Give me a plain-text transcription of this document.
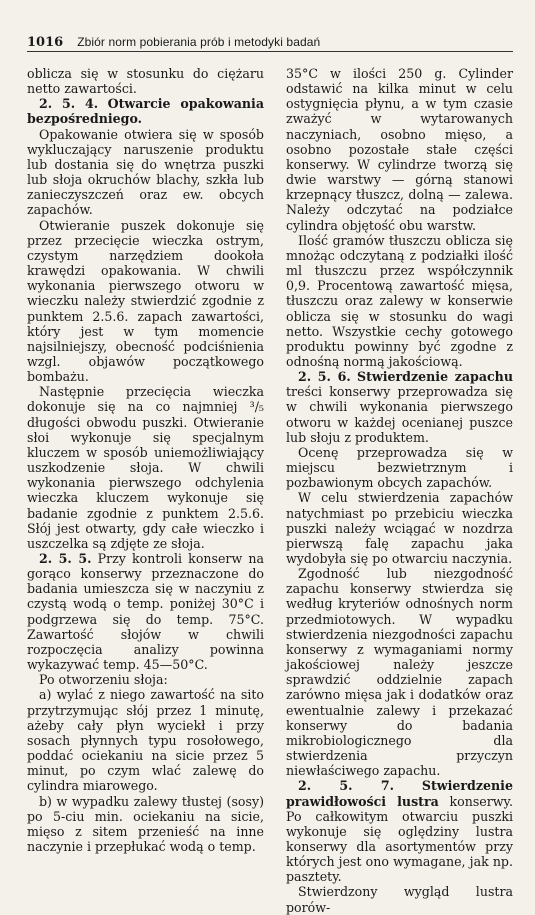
1016 Zbiór norm pobierania prób i metodyki badań

oblicza się w stosunku do ciężaru netto zawartości.

2. 5. 4. Otwarcie opakowania bezpośredniego.

Opakowanie otwiera się w sposób wykluczający naruszenie produktu lub dostania się do wnętrza puszki lub słoja okruchów blachy, szkła lub zanieczyszczeń oraz ew. obcych zapachów.

Otwieranie puszek dokonuje się przez przecięcie wieczka ostrym, czystym narzędziem dookoła krawędzi opakowania. W chwili wykonania pierwszego otworu w wieczku należy stwierdzić zgodnie z punktem 2.5.6. zapach zawartości, który jest w tym momencie najsilniejszy, obecność podciśnienia wzgl. objawów początkowego bombażu.

Następnie przecięcia wieczka dokonuje się na co najmniej ³/₅ długości obwodu puszki. Otwieranie słoi wykonuje się specjalnym kluczem w sposób uniemożliwiający uszkodzenie słoja. W chwili wykonania pierwszego odchylenia wieczka kluczem wykonuje się badanie zgodnie z punktem 2.5.6. Słój jest otwarty, gdy całe wieczko i uszczelka są zdjęte ze słoja.

2. 5. 5. Przy kontroli konserw na gorąco konserwy przeznaczone do badania umieszcza się w naczyniu z czystą wodą o temp. poniżej 30°C i podgrzewa się do temp. 75°C. Zawartość słojów w chwili rozpoczęcia analizy powinna wykazywać temp. 45—50°C.

Po otworzeniu słoja:

a) wylać z niego zawartość na sito przytrzymując słój przez 1 minutę, ażeby cały płyn wyciekł i przy sosach płynnych typu rosołowego, poddać ociekaniu na sicie przez 5 minut, po czym wlać zalewę do cylindra miarowego.

b) w wypadku zalewy tłustej (sosy) po 5-ciu min. ociekaniu na sicie, mięso z sitem przenieść na inne naczynie i przepłukać wodą o temp.

35°C w ilości 250 g. Cylinder odstawić na kilka minut w celu ostygnięcia płynu, a w tym czasie zważyć w wytarowanych naczyniach, osobno mięso, a osobno pozostałe stałe części konserwy. W cylindrze tworzą się dwie warstwy — górną stanowi krzepnący tłuszcz, dolną — zalewa. Należy odczytać na podziałce cylindra objętość obu warstw.

Ilość gramów tłuszczu oblicza się mnożąc odczytaną z podziałki ilość ml tłuszczu przez współczynnik 0,9. Procentową zawartość mięsa, tłuszczu oraz zalewy w konserwie oblicza się w stosunku do wagi netto. Wszystkie cechy gotowego produktu powinny być zgodne z odnośną normą jakościową.

2. 5. 6. Stwierdzenie zapachu treści konserwy przeprowadza się w chwili wykonania pierwszego otworu w każdej ocenianej puszce lub słoju z produktem.

Ocenę przeprowadza się w miejscu bezwietrznym i pozbawionym obcych zapachów.

W celu stwierdzenia zapachów natychmiast po przebiciu wieczka puszki należy wciągać w nozdrza pierwszą falę zapachu jaka wydobyła się po otwarciu naczynia.

Zgodność lub niezgodność zapachu konserwy stwierdza się według kryteriów odnośnych norm przedmiotowych. W wypadku stwierdzenia niezgodności zapachu konserwy z wymaganiami normy jakościowej należy jeszcze sprawdzić oddzielnie zapach zarówno mięsa jak i dodatków oraz ewentualnie zalewy i przekazać konserwy do badania mikrobiologicznego dla stwierdzenia przyczyn niewłaściwego zapachu.

2. 5. 7. Stwierdzenie prawidłowości lustra konserwy. Po całkowitym otwarciu puszki wykonuje się oględziny lustra konserwy dla asortymentów przy których jest ono wymagane, jak np. pasztety.

Stwierdzony wygląd lustra porów-
